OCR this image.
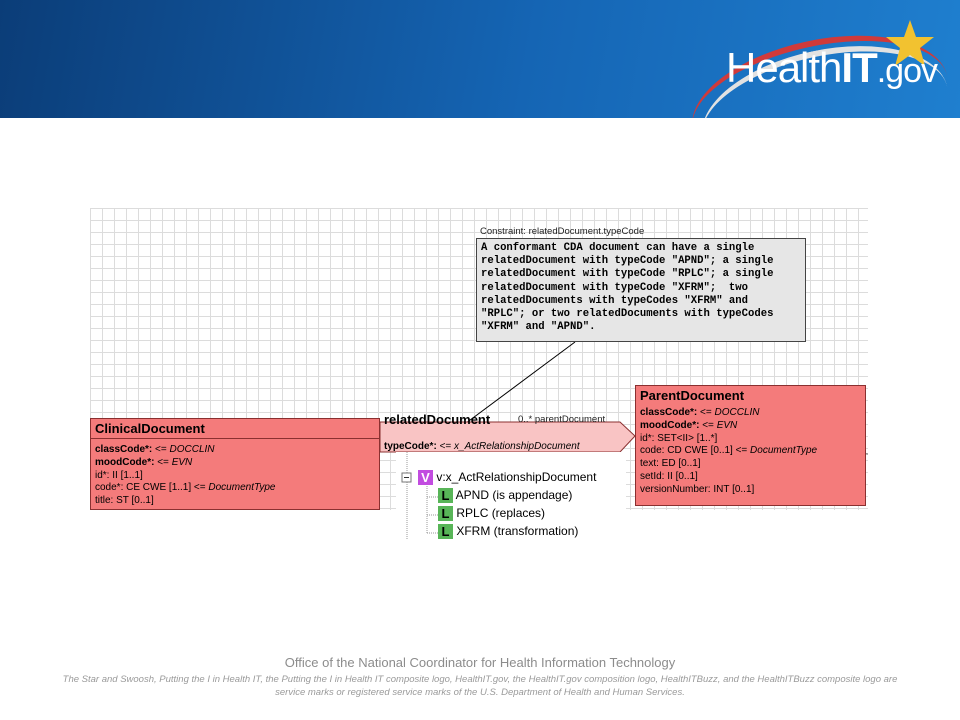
HealthIT.gov
Constraint: relatedDocument.typeCode
A conformant CDA document can have a single
relatedDocument with typeCode "APND"; a single
relatedDocument with typeCode "RPLC"; a single
relatedDocument with typeCode "XFRM";  two
relatedDocuments with typeCodes "XFRM" and
"RPLC"; or two relatedDocuments with typeCodes
"XFRM" and "APND".
relatedDocument	0..* parentDocument
typeCode*: <= x_ActRelationshipDocument
ClinicalDocument
classCode*: <= DOCCLIN
moodCode*: <= EVN
id*: II [1..1]
code*: CE CWE [1..1] <= DocumentType
title: ST [0..1]
ParentDocument
classCode*: <= DOCCLIN
moodCode*: <= EVN
id*: SET<II> [1..*]
code: CD CWE [0..1] <= DocumentType
text: ED [0..1]
setId: II [0..1]
versionNumber: INT [0..1]
V v:x_ActRelationshipDocument
L APND (is appendage)
L RPLC (replaces)
L XFRM (transformation)
Office of the National Coordinator for Health Information Technology
The Star and Swoosh, Putting the I in Health IT, the Putting the I in Health IT composite logo, HealthIT.gov, the HealthIT.gov composition logo, HealthITBuzz, and the HealthITBuzz composite logo are service marks or registered service marks of the U.S. Department of Health and Human Services.
